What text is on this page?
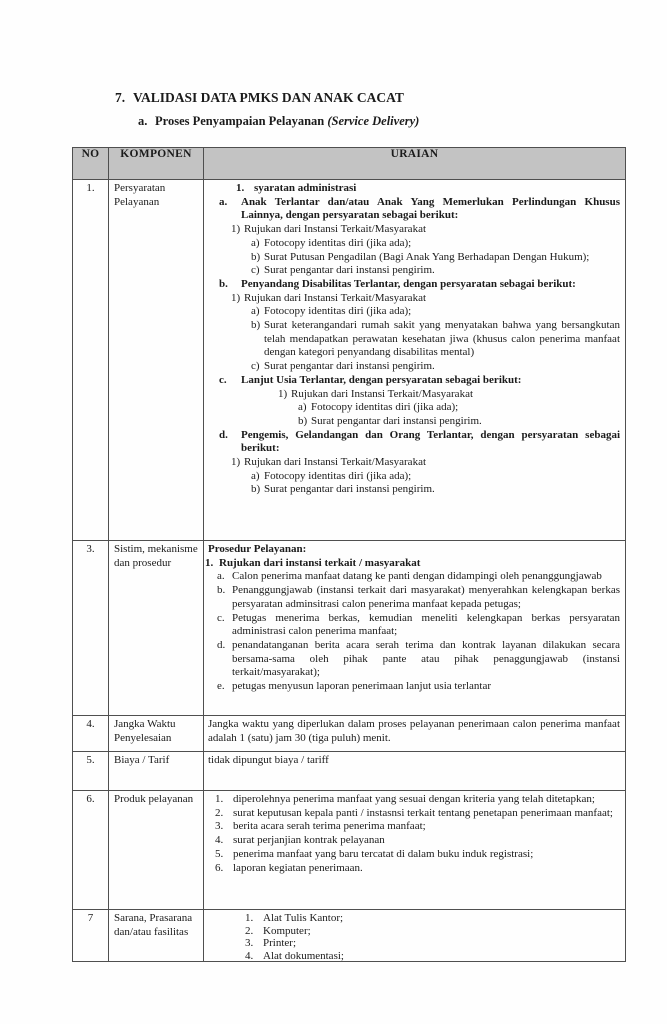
7. VALIDASI DATA PMKS DAN ANAK CACAT
a. Proses Penyampaian Pelayanan (Service Delivery)
NO	KOMPONEN	URAIAN
1.	Persyaratan Pelayanan	
1. syaratan administrasi
a. Anak Terlantar dan/atau Anak Yang Memerlukan Perlindungan Khusus Lainnya, dengan persyaratan sebagai berikut:
1) Rujukan dari Instansi Terkait/Masyarakat
a) Fotocopy identitas diri (jika ada);
b) Surat Putusan Pengadilan (Bagi Anak Yang Berhadapan Dengan Hukum);
c) Surat pengantar dari instansi pengirim.
b. Penyandang Disabilitas Terlantar, dengan persyaratan sebagai berikut:
1) Rujukan dari Instansi Terkait/Masyarakat
a) Fotocopy identitas diri (jika ada);
b) Surat keterangandari rumah sakit yang menyatakan bahwa yang bersangkutan telah mendapatkan perawatan kesehatan jiwa (khusus calon penerima manfaat dengan kategori penyandang disabilitas mental)
c) Surat pengantar dari instansi pengirim.
c. Lanjut Usia Terlantar, dengan persyaratan sebagai berikut:
1) Rujukan dari Instansi Terkait/Masyarakat
a) Fotocopy identitas diri (jika ada);
b) Surat pengantar dari instansi pengirim.
d. Pengemis, Gelandangan dan Orang Terlantar, dengan persyaratan sebagai berikut:
1) Rujukan dari Instansi Terkait/Masyarakat
a) Fotocopy identitas diri (jika ada);
b) Surat pengantar dari instansi pengirim.

3.	Sistim, mekanisme dan prosedur	
Prosedur Pelayanan:
1. Rujukan dari instansi terkait / masyarakat
a. Calon penerima manfaat datang ke panti dengan didampingi oleh penanggungjawab
b. Penanggungjawab (instansi terkait dari masyarakat) menyerahkan kelengkapan berkas persyaratan adminsitrasi calon penerima manfaat kepada petugas;
c. Petugas menerima berkas, kemudian meneliti kelengkapan berkas persyaratan administrasi calon penerima manfaat;
d. penandatanganan berita acara serah terima dan kontrak layanan dilakukan secara bersama-sama oleh pihak pante atau pihak penaggungjawab (instansi terkait/masyarakat);
e. petugas menyusun laporan penerimaan lanjut usia terlantar

4.	Jangka Waktu Penyelesaian	Jangka waktu yang diperlukan dalam proses pelayanan penerimaan calon penerima manfaat adalah 1 (satu) jam 30 (tiga puluh) menit.

5.	Biaya / Tarif	tidak dipungut biaya / tariff

6.	Produk pelayanan	1. diperolehnya penerima manfaat yang sesuai dengan kriteria yang telah ditetapkan;
2. surat keputusan kepala panti / instasnsi terkait tentang penetapan penerimaan manfaat;
3. berita acara serah terima penerima manfaat;
4. surat perjanjian kontrak pelayanan
5. penerima manfaat yang baru tercatat di dalam buku induk registrasi;
6. laporan kegiatan penerimaan.

7	Sarana, Prasarana dan/atau fasilitas	
1. Alat Tulis Kantor;
2. Komputer;
3. Printer;
4. Alat dokumentasi;
